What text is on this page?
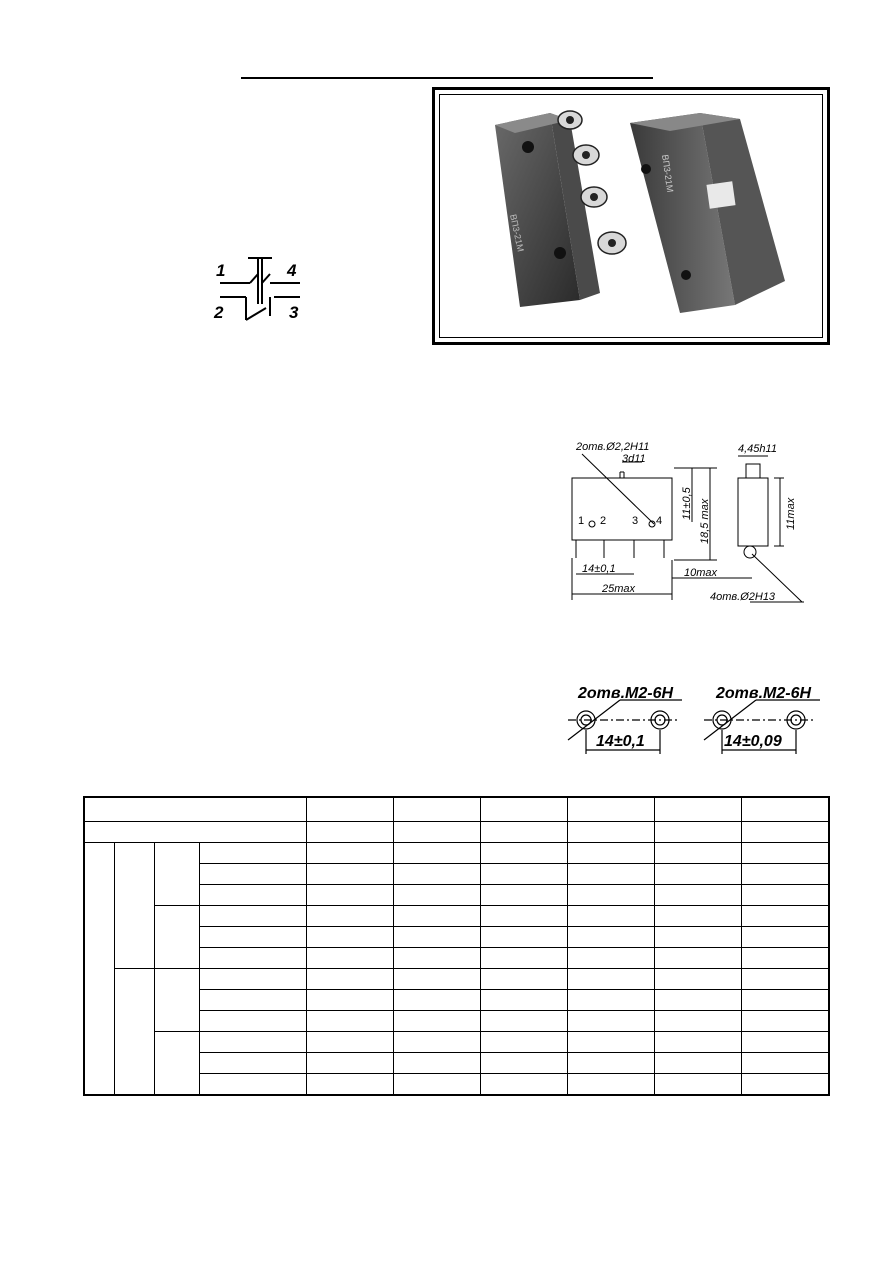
1	4
2	3
ВП3-21М
ВП3-21М
2отв.Ø2,2H11
3d11
11±0,5 18,5 max
1 2 3 4
14±0,1
25max
10max
4,45h11
11max
4отв.Ø2H13
2отв.М2-6Н
14±0,1
2отв.М2-6Н
14±0,09
